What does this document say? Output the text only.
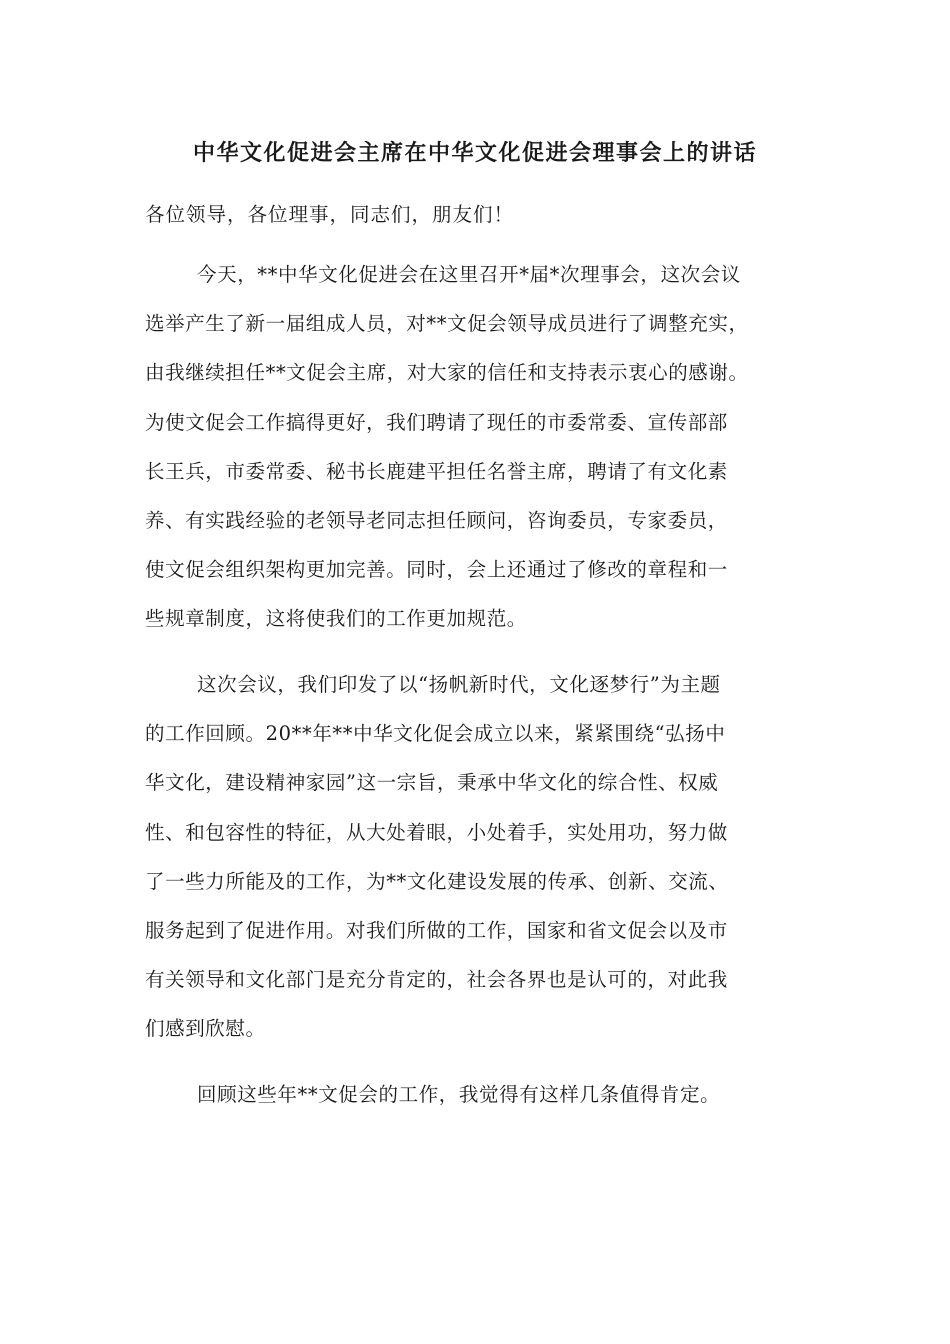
中华文化促进会主席在中华文化促进会理事会上的讲话

各位领导，各位理事，同志们，朋友们！

今天，**中华文化促进会在这里召开*届*次理事会，这次会议
选举产生了新一届组成人员，对**文促会领导成员进行了调整充实，
由我继续担任**文促会主席，对大家的信任和支持表示衷心的感谢。
为使文促会工作搞得更好，我们聘请了现任的市委常委、宣传部部
长王兵，市委常委、秘书长鹿建平担任名誉主席，聘请了有文化素
养、有实践经验的老领导老同志担任顾问，咨询委员，专家委员，
使文促会组织架构更加完善。同时，会上还通过了修改的章程和一
些规章制度，这将使我们的工作更加规范。
这次会议，我们印发了以“扬帆新时代，文化逐梦行”为主题
的工作回顾。20**年**中华文化促会成立以来，紧紧围绕“弘扬中
华文化，建设精神家园”这一宗旨，秉承中华文化的综合性、权威
性、和包容性的特征，从大处着眼，小处着手，实处用功，努力做
了一些力所能及的工作，为**文化建设发展的传承、创新、交流、
服务起到了促进作用。对我们所做的工作，国家和省文促会以及市
有关领导和文化部门是充分肯定的，社会各界也是认可的，对此我
们感到欣慰。
回顾这些年**文促会的工作，我觉得有这样几条值得肯定。
